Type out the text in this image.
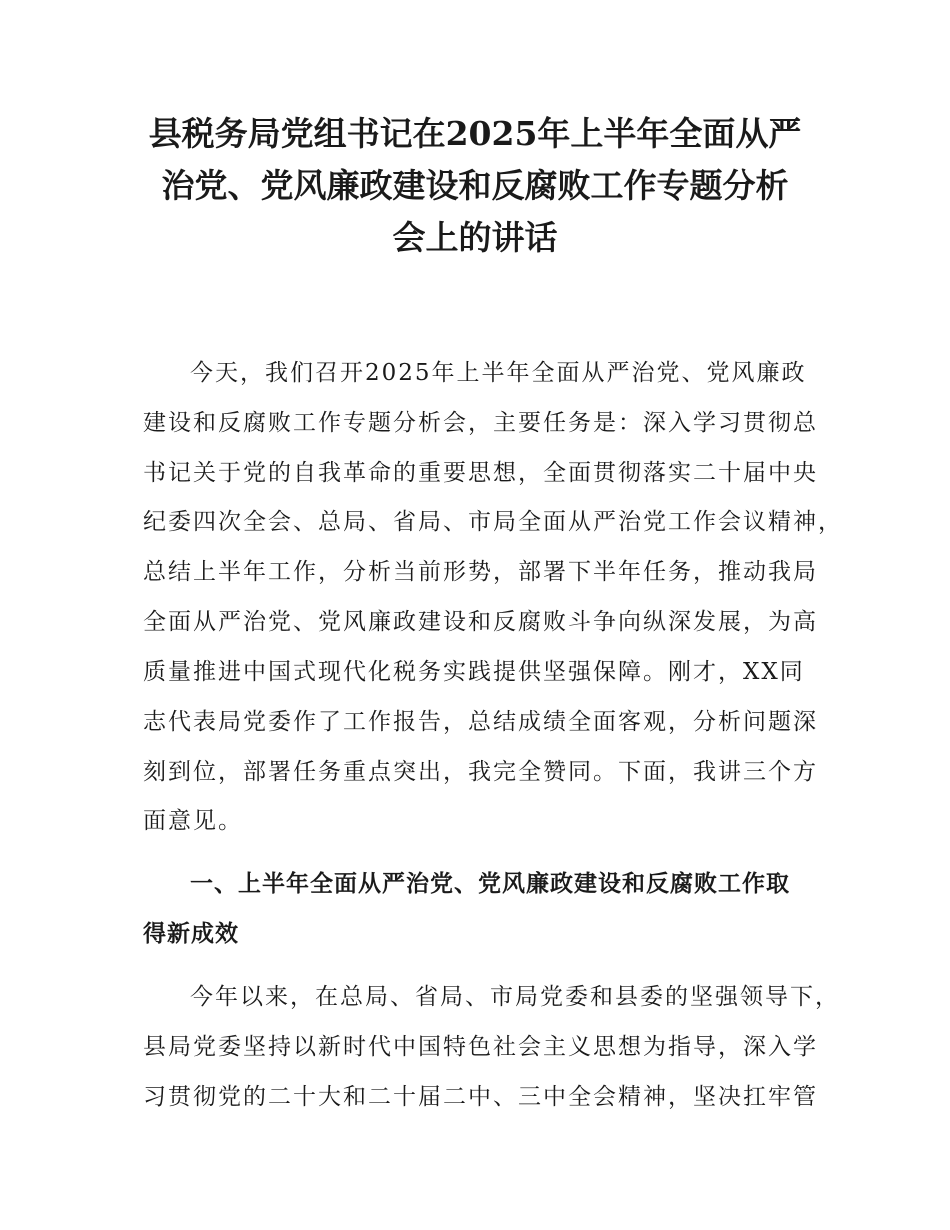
县税务局党组书记在2025年上半年全面从严
治党、党风廉政建设和反腐败工作专题分析
会上的讲话

今天，我们召开2025年上半年全面从严治党、党风廉政

建设和反腐败工作专题分析会，主要任务是：深入学习贯彻总

书记关于党的自我革命的重要思想，全面贯彻落实二十届中央

纪委四次全会、总局、省局、市局全面从严治党工作会议精神，

总结上半年工作，分析当前形势，部署下半年任务，推动我局

全面从严治党、党风廉政建设和反腐败斗争向纵深发展，为高

质量推进中国式现代化税务实践提供坚强保障。刚才，XX同

志代表局党委作了工作报告，总结成绩全面客观，分析问题深

刻到位，部署任务重点突出，我完全赞同。下面，我讲三个方

面意见。

一、上半年全面从严治党、党风廉政建设和反腐败工作取
得新成效

今年以来，在总局、省局、市局党委和县委的坚强领导下，

县局党委坚持以新时代中国特色社会主义思想为指导，深入学

习贯彻党的二十大和二十届二中、三中全会精神，坚决扛牢管
